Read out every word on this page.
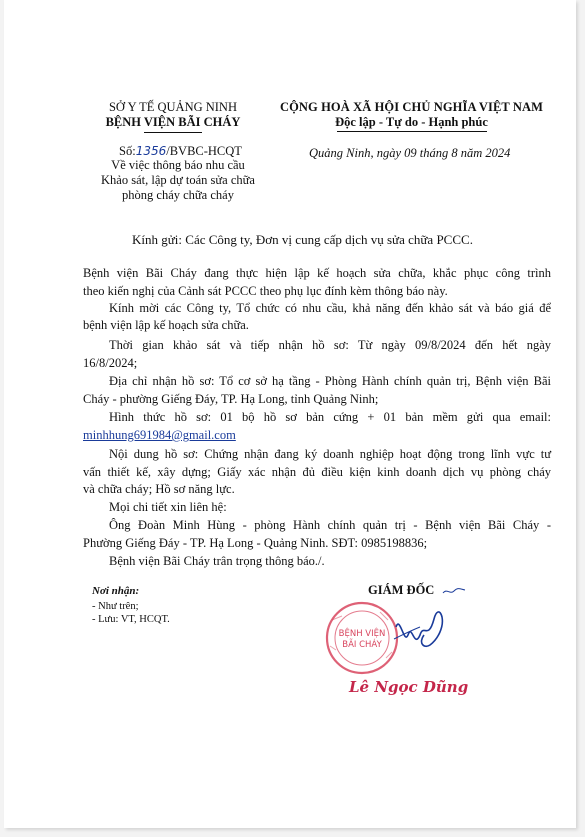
SỞ Y TẾ QUẢNG NINH
BỆNH VIỆN BÃI CHÁY
CỘNG HOÀ XÃ HỘI CHỦ NGHĨA VIỆT NAM
Độc lập - Tự do - Hạnh phúc
Số:1356/BVBC-HCQT
Về việc thông báo nhu cầu
Khảo sát, lập dự toán sửa chữa
phòng cháy chữa cháy
Quảng Ninh, ngày 09 tháng 8 năm 2024
Kính gửi: Các Công ty, Đơn vị cung cấp dịch vụ sửa chữa PCCC.
Bệnh viện Bãi Cháy đang thực hiện lập kế hoạch sửa chữa, khắc phục công trình
theo kiến nghị của Cảnh sát PCCC theo phụ lục đính kèm thông báo này.
Kính mời các Công ty, Tổ chức có nhu cầu, khả năng đến khảo sát và báo giá để
bệnh viện lập kế hoạch sửa chữa.
Thời gian khảo sát và tiếp nhận hồ sơ: Từ ngày 09/8/2024 đến hết ngày
16/8/2024;
Địa chỉ nhận hồ sơ: Tổ cơ sở hạ tầng - Phòng Hành chính quản trị, Bệnh viện Bãi
Cháy - phường Giếng Đáy, TP. Hạ Long, tỉnh Quảng Ninh;
Hình thức hồ sơ: 01 bộ hồ sơ bản cứng + 01 bản mềm gửi qua email:
minhhung691984@gmail.com
Nội dung hồ sơ: Chứng nhận đang ký doanh nghiệp hoạt động trong lĩnh vực tư
vấn thiết kế, xây dựng; Giấy xác nhận đủ điều kiện kinh doanh dịch vụ phòng cháy
và chữa cháy; Hồ sơ năng lực.
Mọi chi tiết xin liên hệ:
Ông Đoàn Minh Hùng - phòng Hành chính quản trị - Bệnh viện Bãi Cháy -
Phường Giếng Đáy - TP. Hạ Long - Quảng Ninh. SĐT: 0985198836;
Bệnh viện Bãi Cháy trân trọng thông báo./.
Nơi nhận:
- Như trên;
- Lưu: VT, HCQT.
GIÁM ĐỐC
BỆNH VIỆN
BÃI CHÁY
Lê Ngọc Dũng
